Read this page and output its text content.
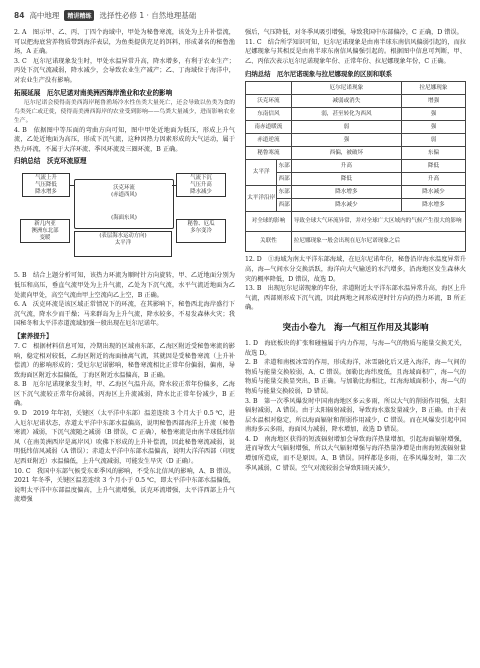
84 高中地理	精讲精练	选择性必修 1 · 自然地理基础

2. A　图示甲、乙、丙、丁四个海域中，甲处为秘鲁寒流，该处为上升补偿流，可以把海底营养物质带到海洋表层，为鱼类提供充足的饵料，形成著名的秘鲁渔场，A 正确。

3. C　厄尔尼诺现象发生时，甲处水温异常升高，降水增多，有利于农业生产；丙处下沉气流减弱，降水减少，会导致农业生产减产；乙、丁海域位于海洋中，对农业生产没有影响。

拓展延展　厄尔尼诺对南美洲西海岸渔业和农业的影响

厄尔尼诺会使得南美西海岸秘鲁渔场冷水性鱼类大量死亡，还会导致以鱼类为食的鸟类死亡或迁徙，使得南美洲西海岸的农业受到影响——鸟粪大量减少，进而影响农业生产。

4. B　依据图中等压面的弯曲方向可知，图中甲处近地面为低压，形成上升气流，乙处近地面为高压，形成下沉气流，这种因热力因素形成的大气运动，属于热力环流，不属于大洋环流、季风环流及三圈环流，B 正确。

归纳总结　沃克环流原理

气流上升
气压降低
降水增多
气流下沉
气压升高
降水减少
沃克环流
(赤道西风)
(海面东风)
新几内亚
澳洲东北部
变暖
秘鲁、厄瓜
多尔变冷
(表层海水运动方向)
太平洋

5. B　结合上题分析可知，该热力环流为顺时针方向旋转，甲、乙近地面分别为低压和高压，垂直气流甲处为上升气流，乙处为下沉气流，水平气流近地面为乙处流向甲处，高空气流由甲上空流向乙上空，B 正确。

6. A　沃克环流是该区域正常情况下的环流，在其影响下，秘鲁西北海岸盛行下沉气流，降水少而干燥；马来群岛为上升气流，降水较多，不易发森林火灾；我国秘冬和太平洋赤道流域加强一般出现在厄尔尼诺年。

【素养提升】

7. C　根据材料信息可知，冷期出现的区域南东部，乙海区附近受秘鲁寒流的影响，稳定相对较低，乙海区附近的海面抽离气流，其就因是受秘鲁寒流（上升补偿流）的影响形成的；受厄尔尼诺影响，秘鲁寒流相比正常年份偏弱，偏南，导致海面区附近水温偏低，丁海区附近水温偏高，B 正确。

8. B　厄尔尼诺现象发生时，甲、乙海区气温升高，降水较正常年份偏多，乙海区下沉气流较正常年份减弱，丙海区上升流减弱，降水比正常年份减少，B 正确。

9. D　2019 年年初，关键区（太平洋中东部）温差连续 3 个月大于 0.5 ℃，进入厄尔尼诺状态，赤道太平洋中东部水温偏高，说明秘鲁西部海洋上升流（秘鲁寒流）减弱，下沉气流随之减弱（B 错误，C 正确），秘鲁寒流是由南半球低纬信风（在南美洲西岸是离岸风）吹佛下形成的上升补偿流，因此秘鲁寒流减弱，说明低纬信风减弱（A 错误）；赤道太平洋中东部水温偏高，说明大洋洋西部（印度尼西亚附近）水温偏低，上升气流减弱，可能发生旱灾（D 正确）。

10. C　我国中东部气候受东亚季风的影响，不受东北信风的影响，A、B 错误。2021 年冬季，关键区温差连续 3 个月小于 0.5 ℃，即太平洋中东部水温偏低，说明太平洋中东部温度偏高，上升气流增强，沃克环流增强，太平洋西部上升气流增强

强后，气压降低，对冬季风吸引增强，导致我国中东部偏冷，C 正确，D 错误。

11. C　结合所学知识可知，厄尔尼诺现象是由南半球东南信风偏弱引起的，而拉尼娜现象与其相反是由南半球东南信风偏强引起的。根据图中信息可判断，甲、乙、丙依次表示厄尔尼诺现象年份、正常年份、拉尼娜现象年份，C 正确。

归纳总结　厄尔尼诺现象与拉尼娜现象的区别和联系

		厄尔尼诺现象	拉尼娜现象
沃克环流		减弱或消失	增强
东南信风		弱，甚至转化为西风	强
南赤道暖流		弱	强
赤道逆流		强	弱
秘鲁寒流		西偏，被破坏	东偏
太平洋	东部	升高	降低
	西部	降低	升高
太平洋沿岸	东部	降水增多	降水减少
	西部	降水减少	降水增多
对全球的影响		导致全球大气环流异常，并对全球广大区域内的气候产生很大的影响	
关联性		拉尼娜现象一般会出现在厄尔尼诺现象之后	

12. D　①海域为南太平洋东部海域，在厄尔尼诺年份，秘鲁沿岸海水温度异常升高，海—气间水分交换活跃，海洋向大气输送的水汽增多，沿海地区发生森林火灾的概率降低，D 错误，故选 D。

13. B　出现厄尔尼诺现象的年份，赤道附近太平洋东部水温异常升高，海区上升气流，西部则形成下沉气流，因此两地之间形成逆时针方向的热力环流，B 所正确。

突击小卷九　海一气相互作用及其影响

1. D　海底板块的扩张和碰撞属于内力作用，与海—气的物质与能量交换无关，故选 D。

2. B　赤道和南极冰雪的作用，形成海洋，冰雪融化后又进入海洋，海—气间的物质与能量交换较弱，A、C 错误。加勒比海纬度低，且海域面积广，海—气的物质与能量交换显突出，B 正确。与加勒比海相比，红海海域面积小，海—气的物质与能量交换较弱，D 错误。

3. B　第一次季风爆发时中国南海地区多云多雨，所以大气的削弱作用强，太阳辐射减弱，A 错误。由于太阳辐射减弱，导致海水蒸发量减少，B 正确。由于表层水温相对稳定，所以海面辐射和削弱作用减少，C 错误。而在风爆发引起中国南海多云多雨，海面风力减弱，降水增加，故选 D 错误。

4. D　南海地区获得的短波辐射增加会导致海洋热量增加，引起海面辐射增强，进而导致大气辐射增强，所以大气辐射增强与海洋热量净增是由南海短波辐射量增加所造成，而不是原因。A、B 错误。同样都是多雨，在季风爆发时，第二次季风减弱，C 错误。空气对流较弱会导致阳雨天减少，
